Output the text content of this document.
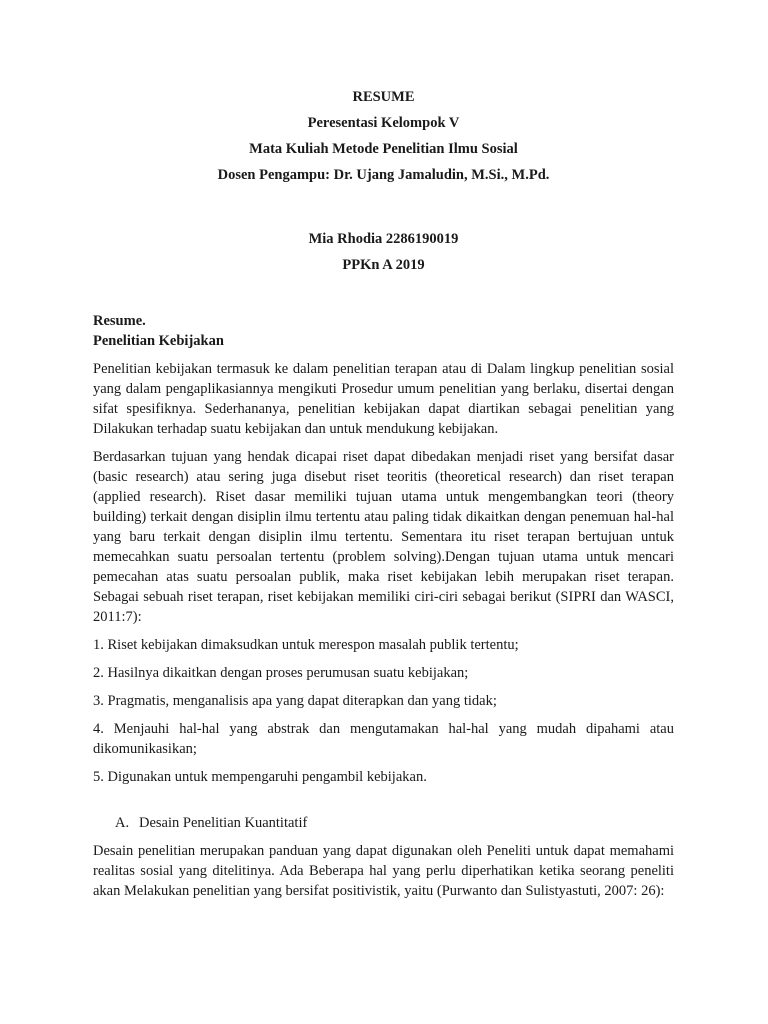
RESUME

Peresentasi Kelompok V

Mata Kuliah Metode Penelitian Ilmu Sosial

Dosen Pengampu: Dr. Ujang Jamaludin, M.Si., M.Pd.

Mia Rhodia 2286190019

PPKn A 2019

Resume.

Penelitian Kebijakan

Penelitian kebijakan termasuk ke dalam penelitian terapan atau di Dalam lingkup penelitian sosial yang dalam pengaplikasiannya mengikuti Prosedur umum penelitian yang berlaku, disertai dengan sifat spesifiknya. Sederhananya, penelitian kebijakan dapat diartikan sebagai penelitian yang Dilakukan terhadap suatu kebijakan dan untuk mendukung kebijakan.

Berdasarkan tujuan yang hendak dicapai riset dapat dibedakan menjadi riset yang bersifat dasar (basic research) atau sering juga disebut riset teoritis (theoretical research) dan riset terapan (applied research). Riset dasar memiliki tujuan utama untuk mengembangkan teori (theory building) terkait dengan disiplin ilmu tertentu atau paling tidak dikaitkan dengan penemuan hal-hal yang baru terkait dengan disiplin ilmu tertentu. Sementara itu riset terapan bertujuan untuk memecahkan suatu persoalan tertentu (problem solving).Dengan tujuan utama untuk mencari pemecahan atas suatu persoalan publik, maka riset kebijakan lebih merupakan riset terapan. Sebagai sebuah riset terapan, riset kebijakan memiliki ciri-ciri sebagai berikut (SIPRI dan WASCI, 2011:7):

1. Riset kebijakan dimaksudkan untuk merespon masalah publik tertentu;

2. Hasilnya dikaitkan dengan proses perumusan suatu kebijakan;

3. Pragmatis, menganalisis apa yang dapat diterapkan dan yang tidak;

4. Menjauhi hal-hal yang abstrak dan mengutamakan hal-hal yang mudah dipahami atau dikomunikasikan;

5. Digunakan untuk mempengaruhi pengambil kebijakan.

A. Desain Penelitian Kuantitatif

Desain penelitian merupakan panduan yang dapat digunakan oleh Peneliti untuk dapat memahami realitas sosial yang ditelitinya. Ada Beberapa hal yang perlu diperhatikan ketika seorang peneliti akan Melakukan penelitian yang bersifat positivistik, yaitu (Purwanto dan Sulistyastuti, 2007: 26):
